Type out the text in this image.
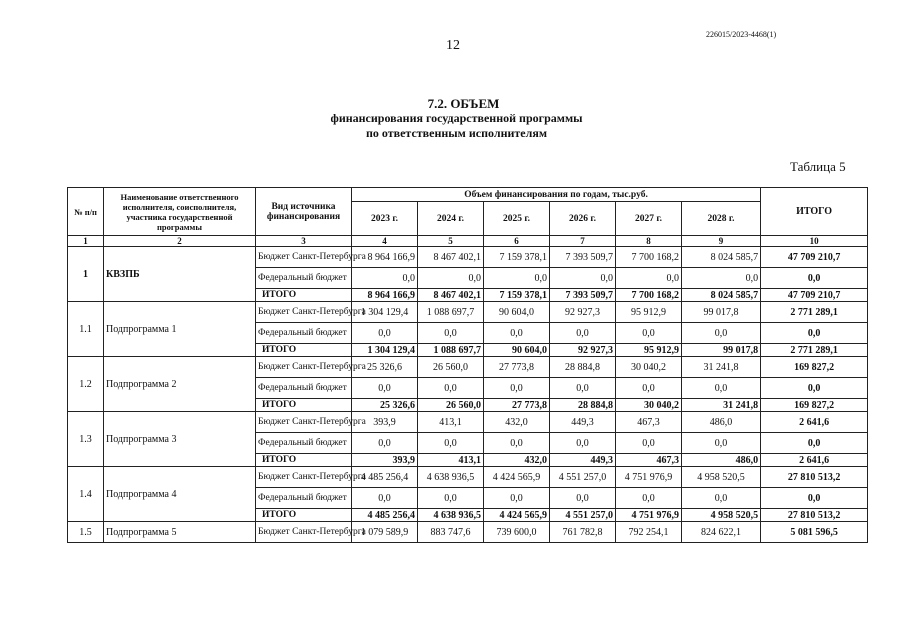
226015/2023-4468(1)
12
7.2. ОБЪЕМ
финансирования государственной программы
по ответственным исполнителям
Таблица 5
№ п/п	Наименование ответственного исполнителя, соисполнителя, участника государственной программы	Вид источника финансирования	Объем финансирования по годам, тыс.руб.						ИТОГО
			2023 г.	2024 г.	2025 г.	2026 г.	2027 г.	2028 г.	
1	2	3	4	5	6	7	8	9	10
1	КВЗПБ	Бюджет Санкт-Петербурга	8 964 166,9	8 467 402,1	7 159 378,1	7 393 509,7	7 700 168,2	8 024 585,7	47 709 210,7
		Федеральный бюджет	0,0	0,0	0,0	0,0	0,0	0,0	0,0
		ИТОГО	8 964 166,9	8 467 402,1	7 159 378,1	7 393 509,7	7 700 168,2	8 024 585,7	47 709 210,7
1.1	Подпрограмма 1	Бюджет Санкт-Петербурга	1 304 129,4	1 088 697,7	90 604,0	92 927,3	95 912,9	99 017,8	2 771 289,1
		Федеральный бюджет	0,0	0,0	0,0	0,0	0,0	0,0	0,0
		ИТОГО	1 304 129,4	1 088 697,7	90 604,0	92 927,3	95 912,9	99 017,8	2 771 289,1
1.2	Подпрограмма 2	Бюджет Санкт-Петербурга	25 326,6	26 560,0	27 773,8	28 884,8	30 040,2	31 241,8	169 827,2
		Федеральный бюджет	0,0	0,0	0,0	0,0	0,0	0,0	0,0
		ИТОГО	25 326,6	26 560,0	27 773,8	28 884,8	30 040,2	31 241,8	169 827,2
1.3	Подпрограмма 3	Бюджет Санкт-Петербурга	393,9	413,1	432,0	449,3	467,3	486,0	2 641,6
		Федеральный бюджет	0,0	0,0	0,0	0,0	0,0	0,0	0,0
		ИТОГО	393,9	413,1	432,0	449,3	467,3	486,0	2 641,6
1.4	Подпрограмма 4	Бюджет Санкт-Петербурга	4 485 256,4	4 638 936,5	4 424 565,9	4 551 257,0	4 751 976,9	4 958 520,5	27 810 513,2
		Федеральный бюджет	0,0	0,0	0,0	0,0	0,0	0,0	0,0
		ИТОГО	4 485 256,4	4 638 936,5	4 424 565,9	4 551 257,0	4 751 976,9	4 958 520,5	27 810 513,2
1.5	Подпрограмма 5	Бюджет Санкт-Петербурга	1 079 589,9	883 747,6	739 600,0	761 782,8	792 254,1	824 622,1	5 081 596,5
